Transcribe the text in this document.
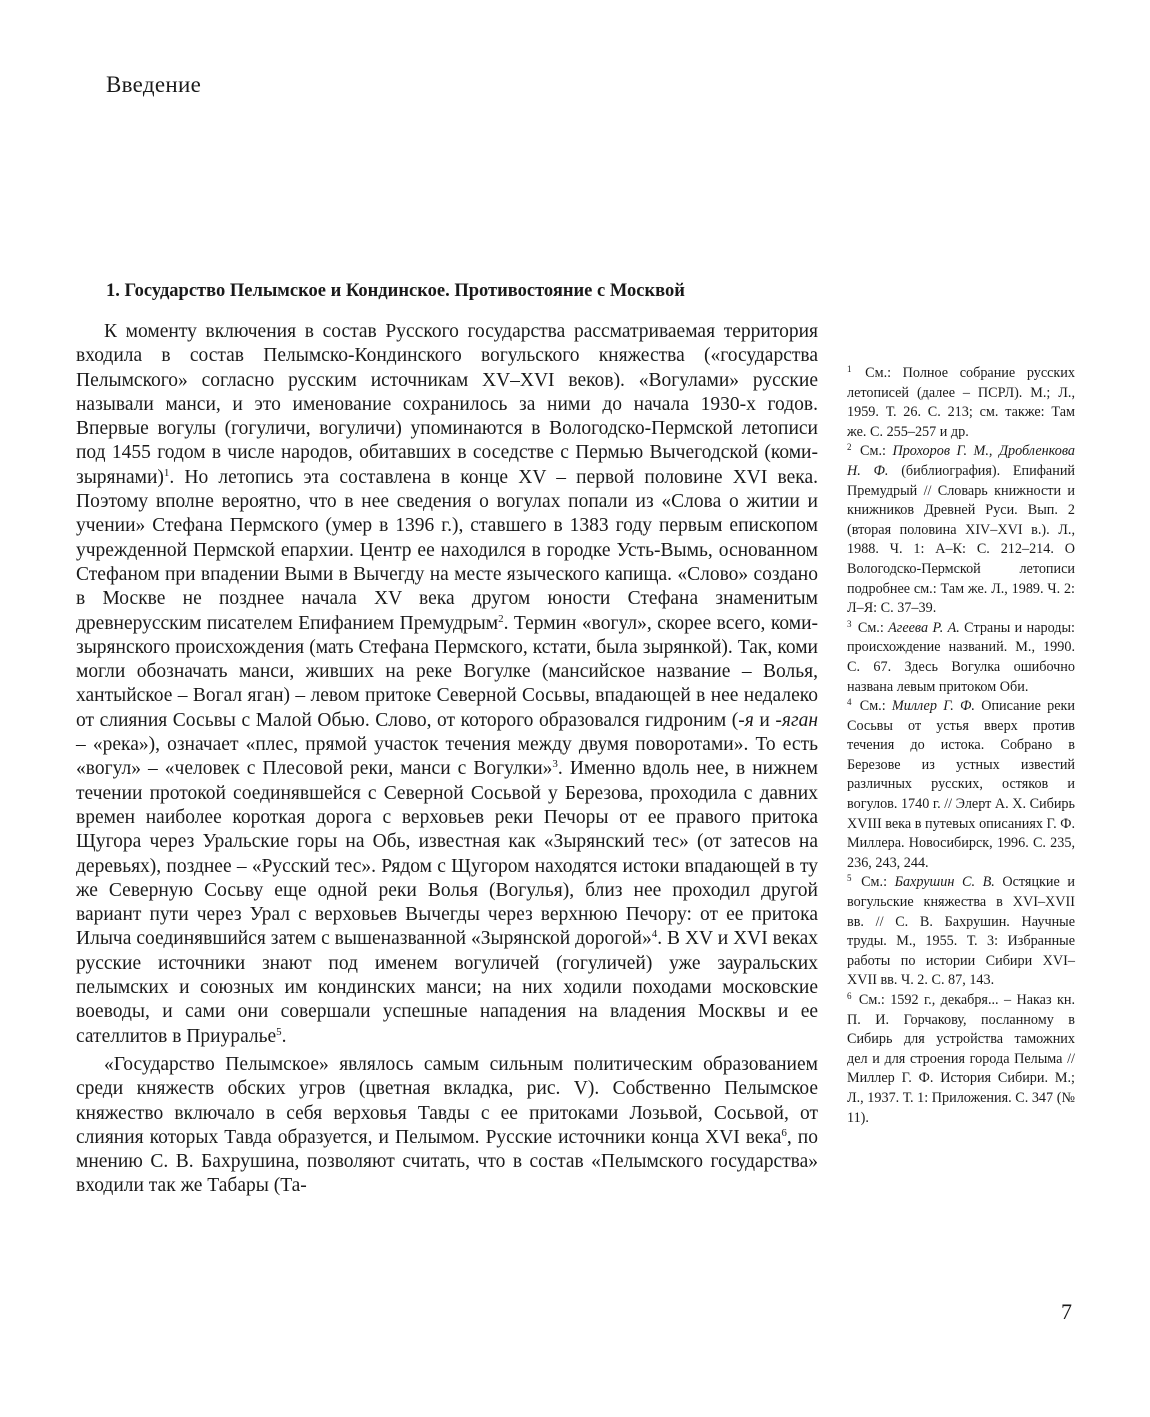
Введение
1. Государство Пелымское и Кондинское. Противостояние с Москвой

К моменту включения в состав Русского государства рассматриваемая территория входила в состав Пелымско-Кондинского вогульского княжества («государства Пелымского» согласно русским источникам XV–XVI веков). «Вогулами» русские называли манси, и это именование сохранилось за ними до начала 1930-х годов. Впервые вогулы (гогуличи, вогуличи) упоминаются в Вологодско-Пермской летописи под 1455 годом в числе народов, обитавших в соседстве с Пермью Вычегодской (коми-зырянами)$^1$. Но летопись эта составлена в конце XV – первой половине XVI века. Поэтому вполне вероятно, что в нее сведения о вогулах попали из «Слова о житии и учении» Стефана Пермского (умер в 1396 г.), ставшего в 1383 году первым епископом учрежденной Пермской епархии. Центр ее находился в городке Усть-Вымь, основанном Стефаном при впадении Выми в Вычегду на месте языческого капища. «Слово» создано в Москве не позднее начала XV века другом юности Стефана знаменитым древнерусским писателем Епифанием Премудрым$^2$. Термин «вогул», скорее всего, коми-зырянского происхождения (мать Стефана Пермского, кстати, была зырянкой). Так, коми могли обозначать манси, живших на реке Вогулке (мансийское название – Волья, хантыйское – Вогал яган) – левом притоке Северной Сосьвы, впадающей в нее недалеко от слияния Сосьвы с Малой Обью. Слово, от которого образовался гидроним (-я и -яган – «река»), означает «плес, прямой участок течения между двумя поворотами». То есть «вогул» – «человек с Плесовой реки, манси с Вогулки»$^3$. Именно вдоль нее, в нижнем течении протокой соединявшейся с Северной Сосьвой у Березова, проходила с давних времен наиболее короткая дорога с верховьев реки Печоры от ее правого притока Щугора через Уральские горы на Обь, известная как «Зырянский тес» (от затесов на деревьях), позднее – «Русский тес». Рядом с Щугором находятся истоки впадающей в ту же Северную Сосьву еще одной реки Волья (Вогулья), близ нее проходил другой вариант пути через Урал с верховьев Вычегды через верхнюю Печору: от ее притока Илыча соединявшийся затем с вышеназванной «Зырянской дорогой»$^4$. В XV и XVI веках русские источники знают под именем вогуличей (гогуличей) уже зауральских пелымских и союзных им кондинских манси; на них ходили походами московские воеводы, и сами они совершали успешные нападения на владения Москвы и ее сателлитов в Приуралье$^5$.

«Государство Пелымское» являлось самым сильным политическим образованием среди княжеств обских угров (цветная вкладка, рис. V). Собственно Пелымское княжество включало в себя верховья Тавды с ее притоками Лозьвой, Сосьвой, от слияния которых Тавда образуется, и Пелымом. Русские источники конца XVI века$^6$, по мнению С. В. Бахрушина, позволяют считать, что в состав «Пелымского государства» входили так же Табары (Та-

$^1$ См.: Полное собрание русских летописей (далее – ПСРЛ). М.; Л., 1959. Т. 26. С. 213; см. также: Там же. С. 255–257 и др.

$^2$ См.: Прохоров Г. М., Дробленкова Н. Ф. (библиография). Епифаний Премудрый // Словарь книжности и книжников Древней Руси. Вып. 2 (вторая половина XIV–XVI в.). Л., 1988. Ч. 1: А–К: С. 212–214. О Вологодско-Пермской летописи подробнее см.: Там же. Л., 1989. Ч. 2: Л–Я: С. 37–39.

$^3$ См.: Агеева Р. А. Страны и народы: происхождение названий. М., 1990. С. 67. Здесь Вогулка ошибочно названа левым притоком Оби.

$^4$ См.: Миллер Г. Ф. Описание реки Сосьвы от устья вверх против течения до истока. Собрано в Березове из устных известий различных русских, остяков и вогулов. 1740 г. // Элерт А. Х. Сибирь XVIII века в путевых описаниях Г. Ф. Миллера. Новосибирск, 1996. С. 235, 236, 243, 244.

$^5$ См.: Бахрушин С. В. Остяцкие и вогульские княжества в XVI–XVII вв. // С. В. Бахрушин. Научные труды. М., 1955. Т. 3: Избранные работы по истории Сибири XVI–XVII вв. Ч. 2. С. 87, 143.

$^6$ См.: 1592 г., декабря... – Наказ кн. П. И. Горчакову, посланному в Сибирь для устройства таможних дел и для строения города Пелыма // Миллер Г. Ф. История Сибири. М.; Л., 1937. Т. 1: Приложения. С. 347 (№ 11).

7
